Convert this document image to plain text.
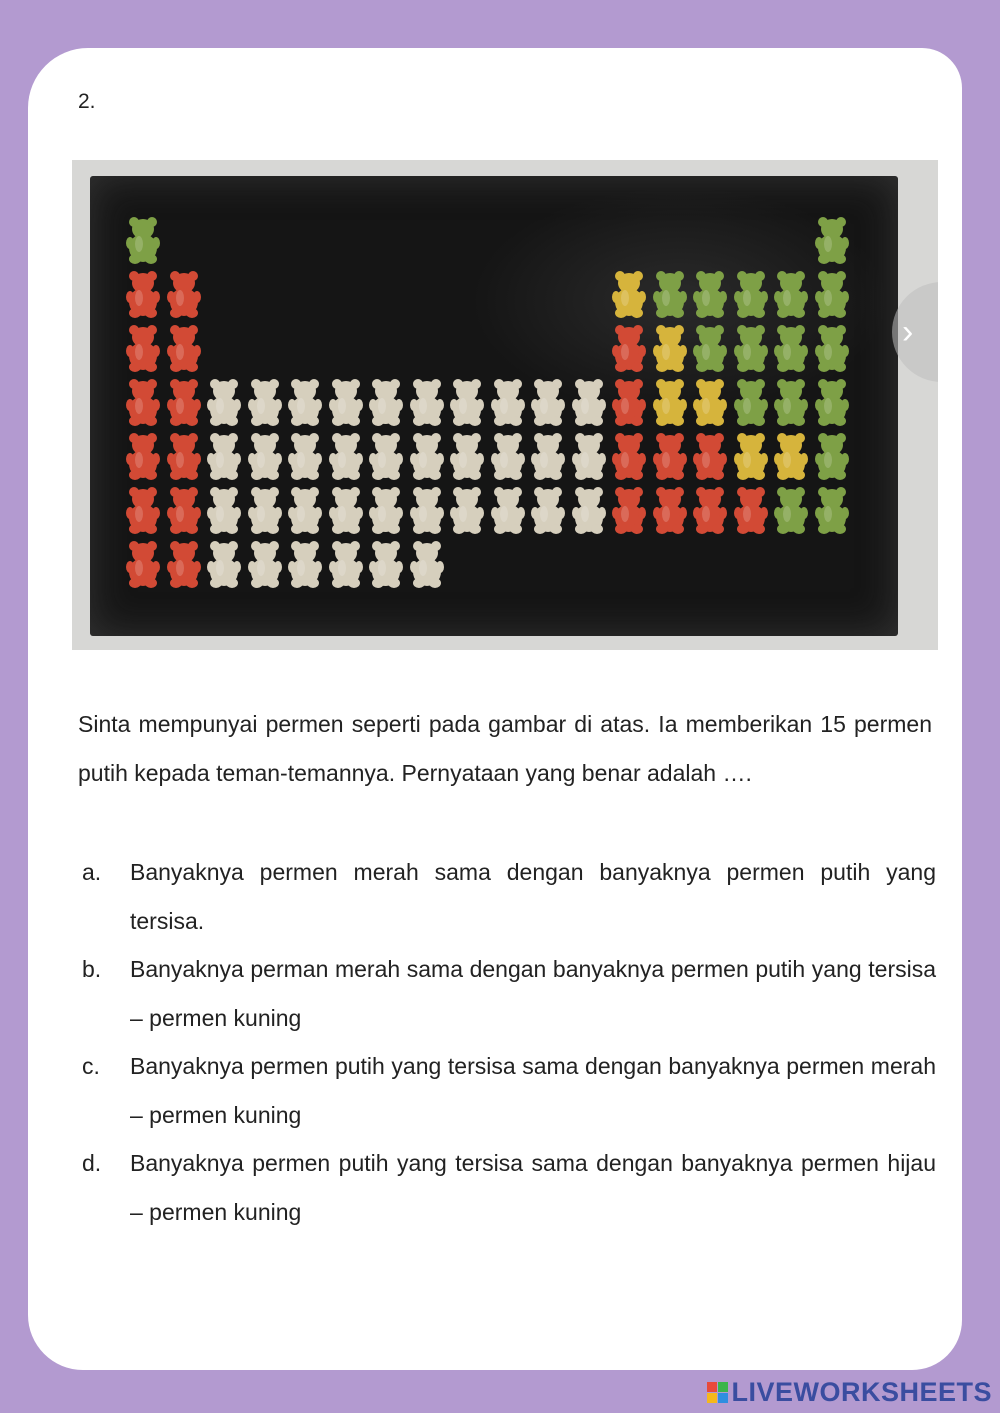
2.
›
Sinta mempunyai permen seperti pada gambar di atas. Ia memberikan 15 permen putih kepada teman-temannya. Pernyataan yang benar adalah ….
a.	Banyaknya permen merah sama dengan banyaknya permen putih yang tersisa.
b.	Banyaknya perman merah sama dengan banyaknya permen putih yang tersisa – permen kuning
c.	Banyaknya permen putih yang tersisa sama dengan banyaknya permen merah – permen kuning
d.	Banyaknya permen putih yang tersisa sama dengan banyaknya permen hijau – permen kuning
LIVEWORKSHEETS
